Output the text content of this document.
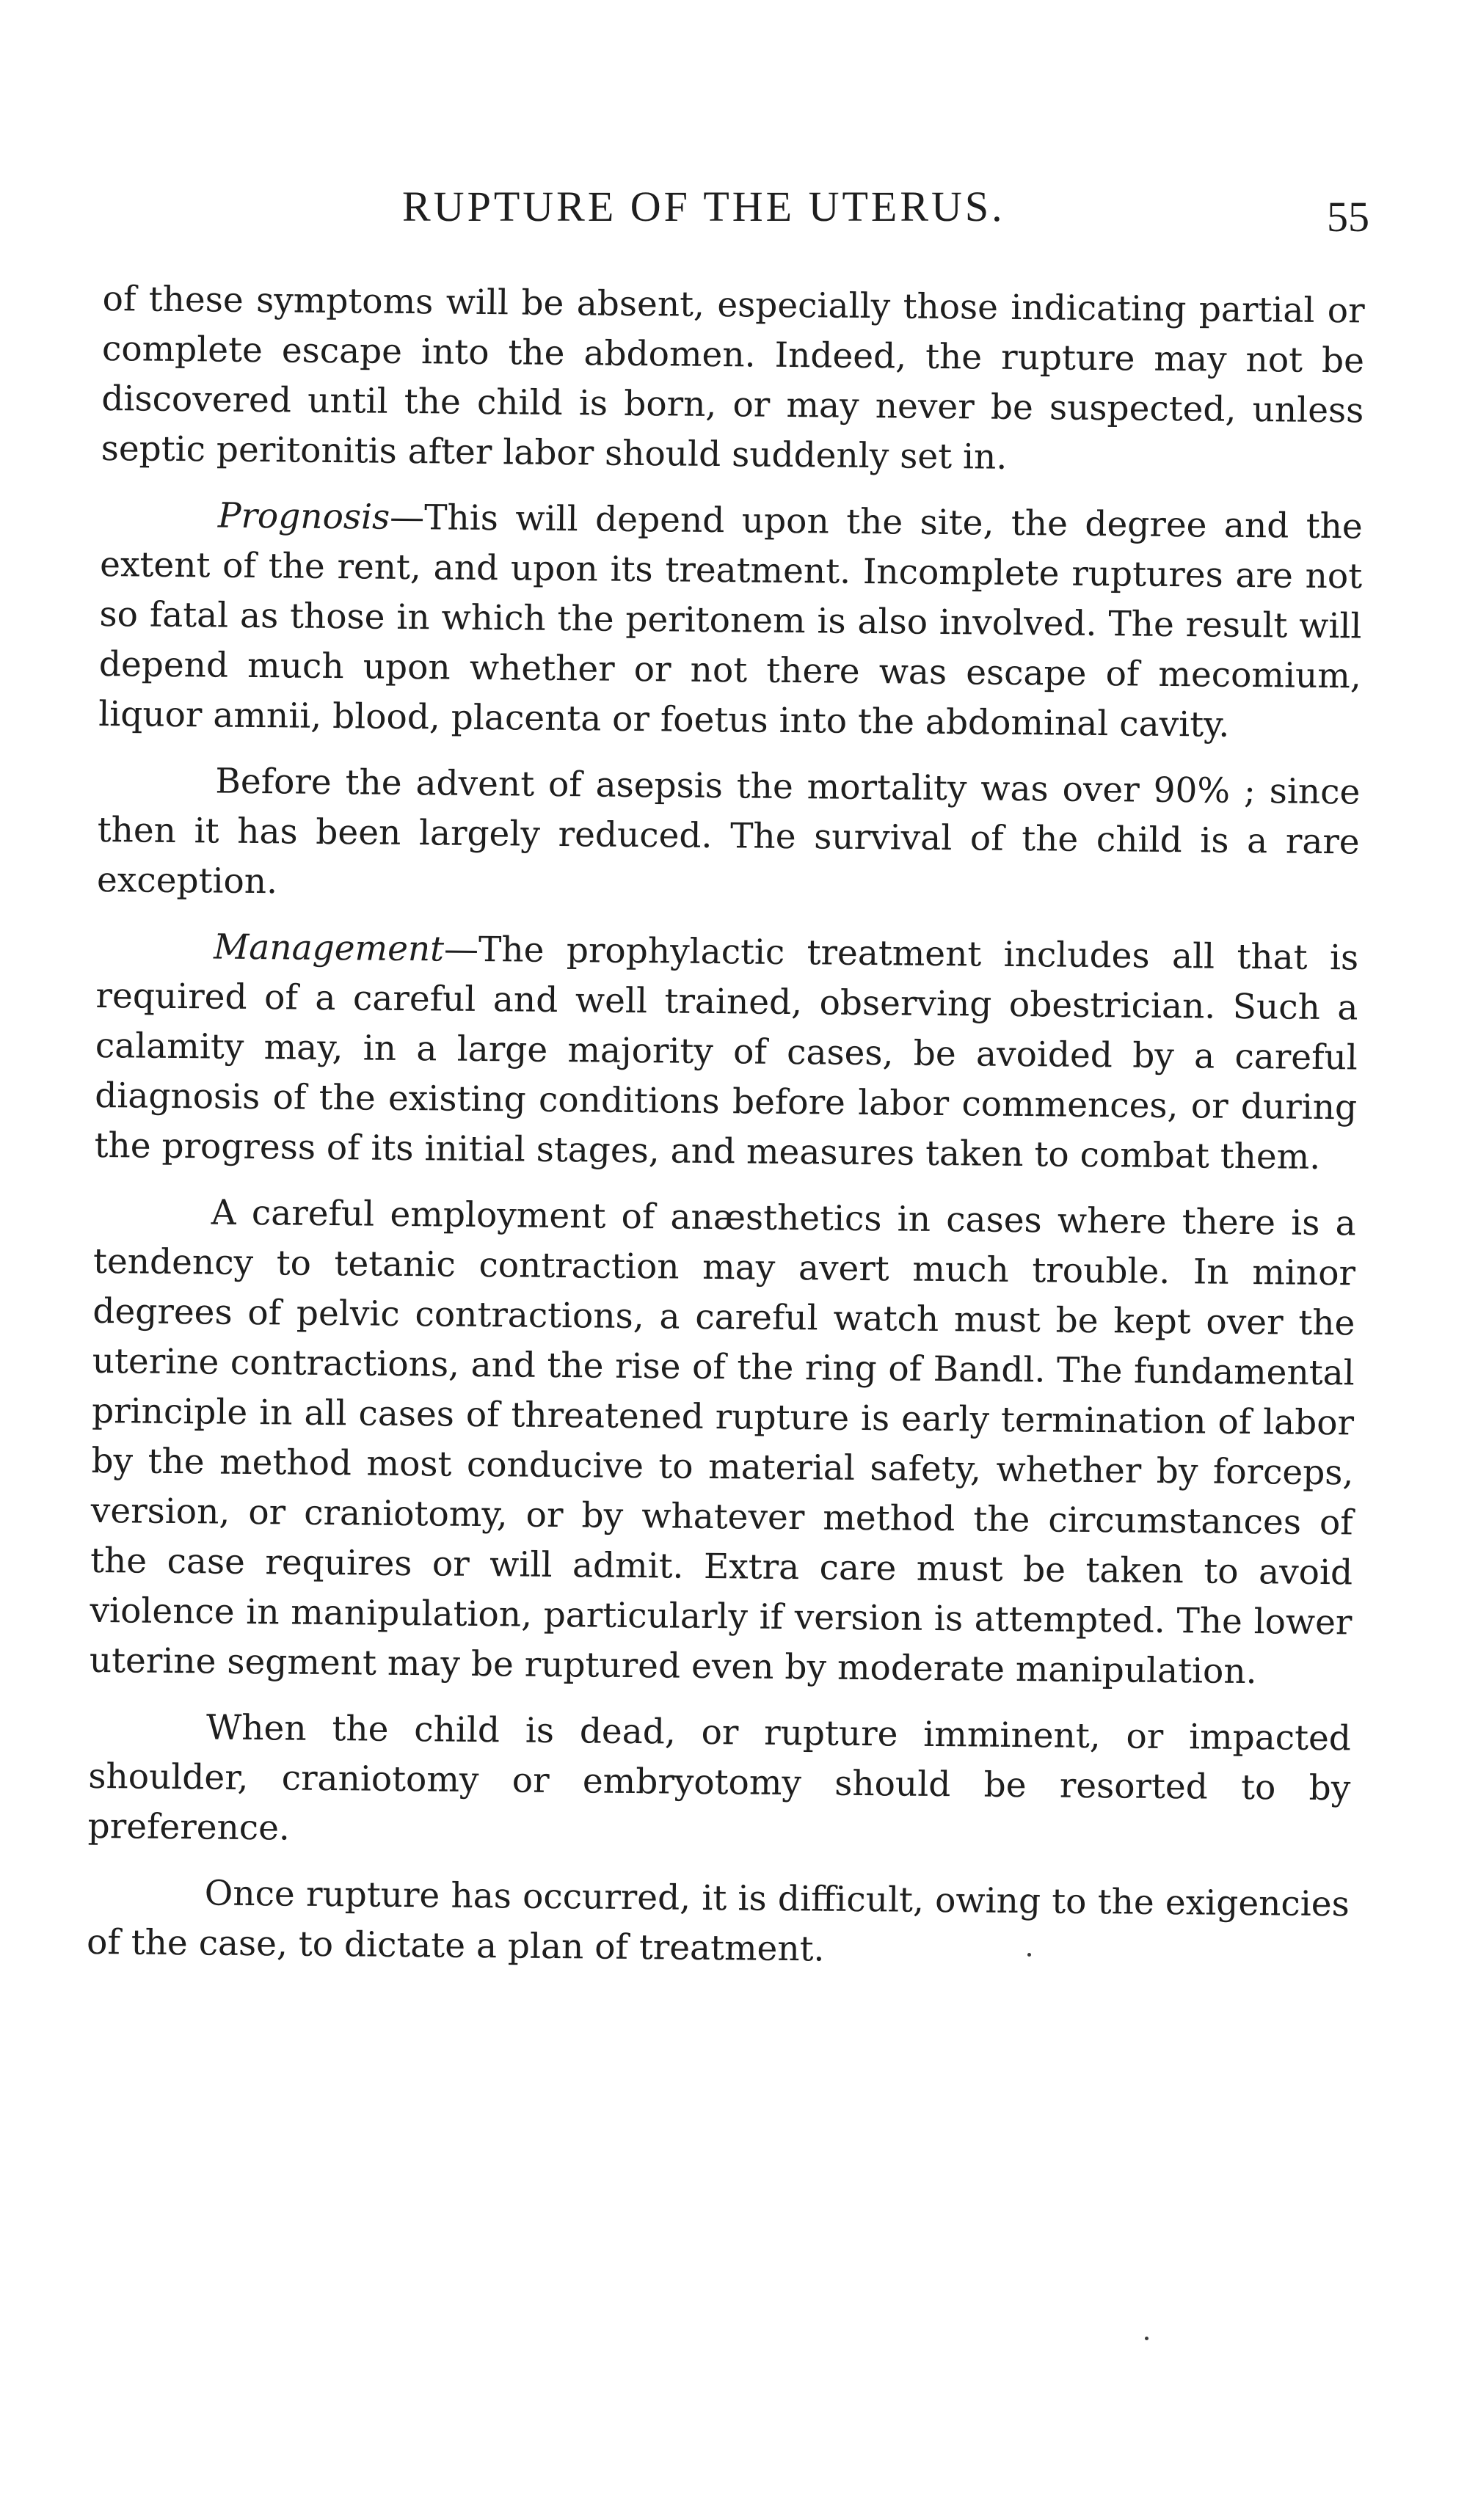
RUPTURE OF THE UTERUS.	55

of these symptoms will be absent, especially those indicating partial or complete escape into the abdomen. Indeed, the rupture may not be discovered until the child is born, or may never be suspected, unless septic peritonitis after labor should suddenly set in.

Prognosis—This will depend upon the site, the degree and the extent of the rent, and upon its treatment. Incomplete ruptures are not so fatal as those in which the peritonem is also involved. The result will depend much upon whether or not there was escape of mecomium, liquor amnii, blood, placenta or foetus into the abdominal cavity.

Before the advent of asepsis the mortality was over 90% ; since then it has been largely reduced. The survival of the child is a rare exception.

Management—The prophylactic treatment includes all that is required of a careful and well trained, observing obestrician. Such a calamity may, in a large majority of cases, be avoided by a careful diagnosis of the existing conditions before labor commences, or during the progress of its initial stages, and measures taken to combat them.

A careful employment of anæsthetics in cases where there is a tendency to tetanic contraction may avert much trouble. In minor degrees of pelvic contractions, a careful watch must be kept over the uterine contractions, and the rise of the ring of Bandl. The fundamental principle in all cases of threatened rupture is early termination of labor by the method most conducive to material safety, whether by forceps, version, or craniotomy, or by whatever method the circumstances of the case requires or will admit. Extra care must be taken to avoid violence in manipulation, particularly if version is attempted. The lower uterine segment may be ruptured even by moderate manipulation.

When the child is dead, or rupture imminent, or impacted shoulder, craniotomy or embryotomy should be resorted to by preference.

Once rupture has occurred, it is difficult, owing to the exigencies of the case, to dictate a plan of treatment.
